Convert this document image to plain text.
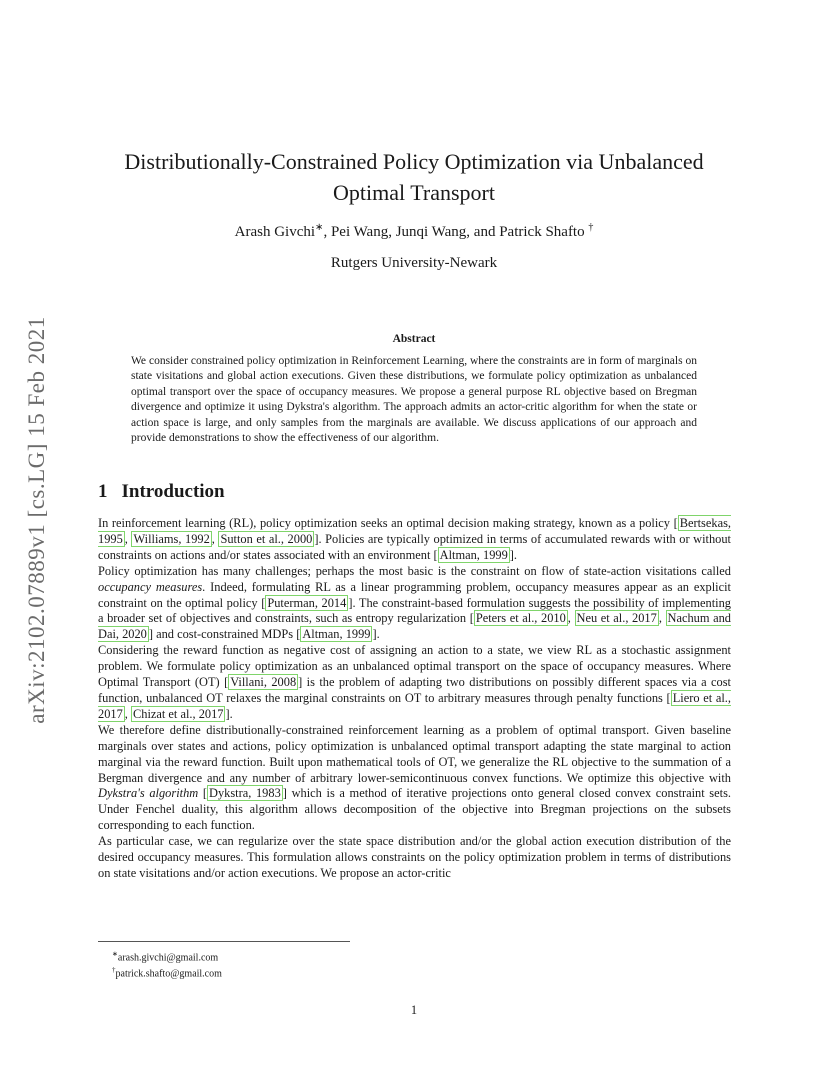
arXiv:2102.07889v1 [cs.LG] 15 Feb 2021
Distributionally-Constrained Policy Optimization via Unbalanced
Optimal Transport
Arash Givchi∗, Pei Wang, Junqi Wang, and Patrick Shafto †
Rutgers University-Newark
Abstract
We consider constrained policy optimization in Reinforcement Learning, where the constraints are in form of marginals on state visitations and global action executions. Given these distributions, we formulate policy optimization as unbalanced optimal transport over the space of occupancy measures. We propose a general purpose RL objective based on Bregman divergence and optimize it using Dykstra's algorithm. The approach admits an actor-critic algorithm for when the state or action space is large, and only samples from the marginals are available. We discuss applications of our approach and provide demonstrations to show the effectiveness of our algorithm.
1 Introduction

In reinforcement learning (RL), policy optimization seeks an optimal decision making strategy, known as a policy [ Bertsekas, 1995 , Williams, 1992 , Sutton et al., 2000 ]. Policies are typically optimized in terms of accumulated rewards with or without constraints on actions and/or states associated with an environment [ Altman, 1999 ].

Policy optimization has many challenges; perhaps the most basic is the constraint on flow of state-action visitations called occupancy measures. Indeed, formulating RL as a linear programming problem, occupancy measures appear as an explicit constraint on the optimal policy [ Puterman, 2014 ]. The constraint-based formulation suggests the possibility of implementing a broader set of objectives and constraints, such as entropy regularization [ Peters et al., 2010 , Neu et al., 2017 , Nachum and Dai, 2020 ] and cost-constrained MDPs [ Altman, 1999 ].

Considering the reward function as negative cost of assigning an action to a state, we view RL as a stochastic assignment problem. We formulate policy optimization as an unbalanced optimal transport on the space of occupancy measures. Where Optimal Transport (OT) [ Villani, 2008 ] is the problem of adapting two distributions on possibly different spaces via a cost function, unbalanced OT relaxes the marginal constraints on OT to arbitrary measures through penalty functions [ Liero et al., 2017 , Chizat et al., 2017 ].

We therefore define distributionally-constrained reinforcement learning as a problem of optimal transport. Given baseline marginals over states and actions, policy optimization is unbalanced optimal transport adapting the state marginal to action marginal via the reward function. Built upon mathematical tools of OT, we generalize the RL objective to the summation of a Bergman divergence and any number of arbitrary lower-semicontinuous convex functions. We optimize this objective with Dykstra's algorithm [ Dykstra, 1983 ] which is a method of iterative projections onto general closed convex constraint sets. Under Fenchel duality, this algorithm allows decomposition of the objective into Bregman projections on the subsets corresponding to each function.

As particular case, we can regularize over the state space distribution and/or the global action execution distribution of the desired occupancy measures. This formulation allows constraints on the policy optimization problem in terms of distributions on state visitations and/or action executions. We propose an actor-critic

∗arash.givchi@gmail.com
†patrick.shafto@gmail.com
1
